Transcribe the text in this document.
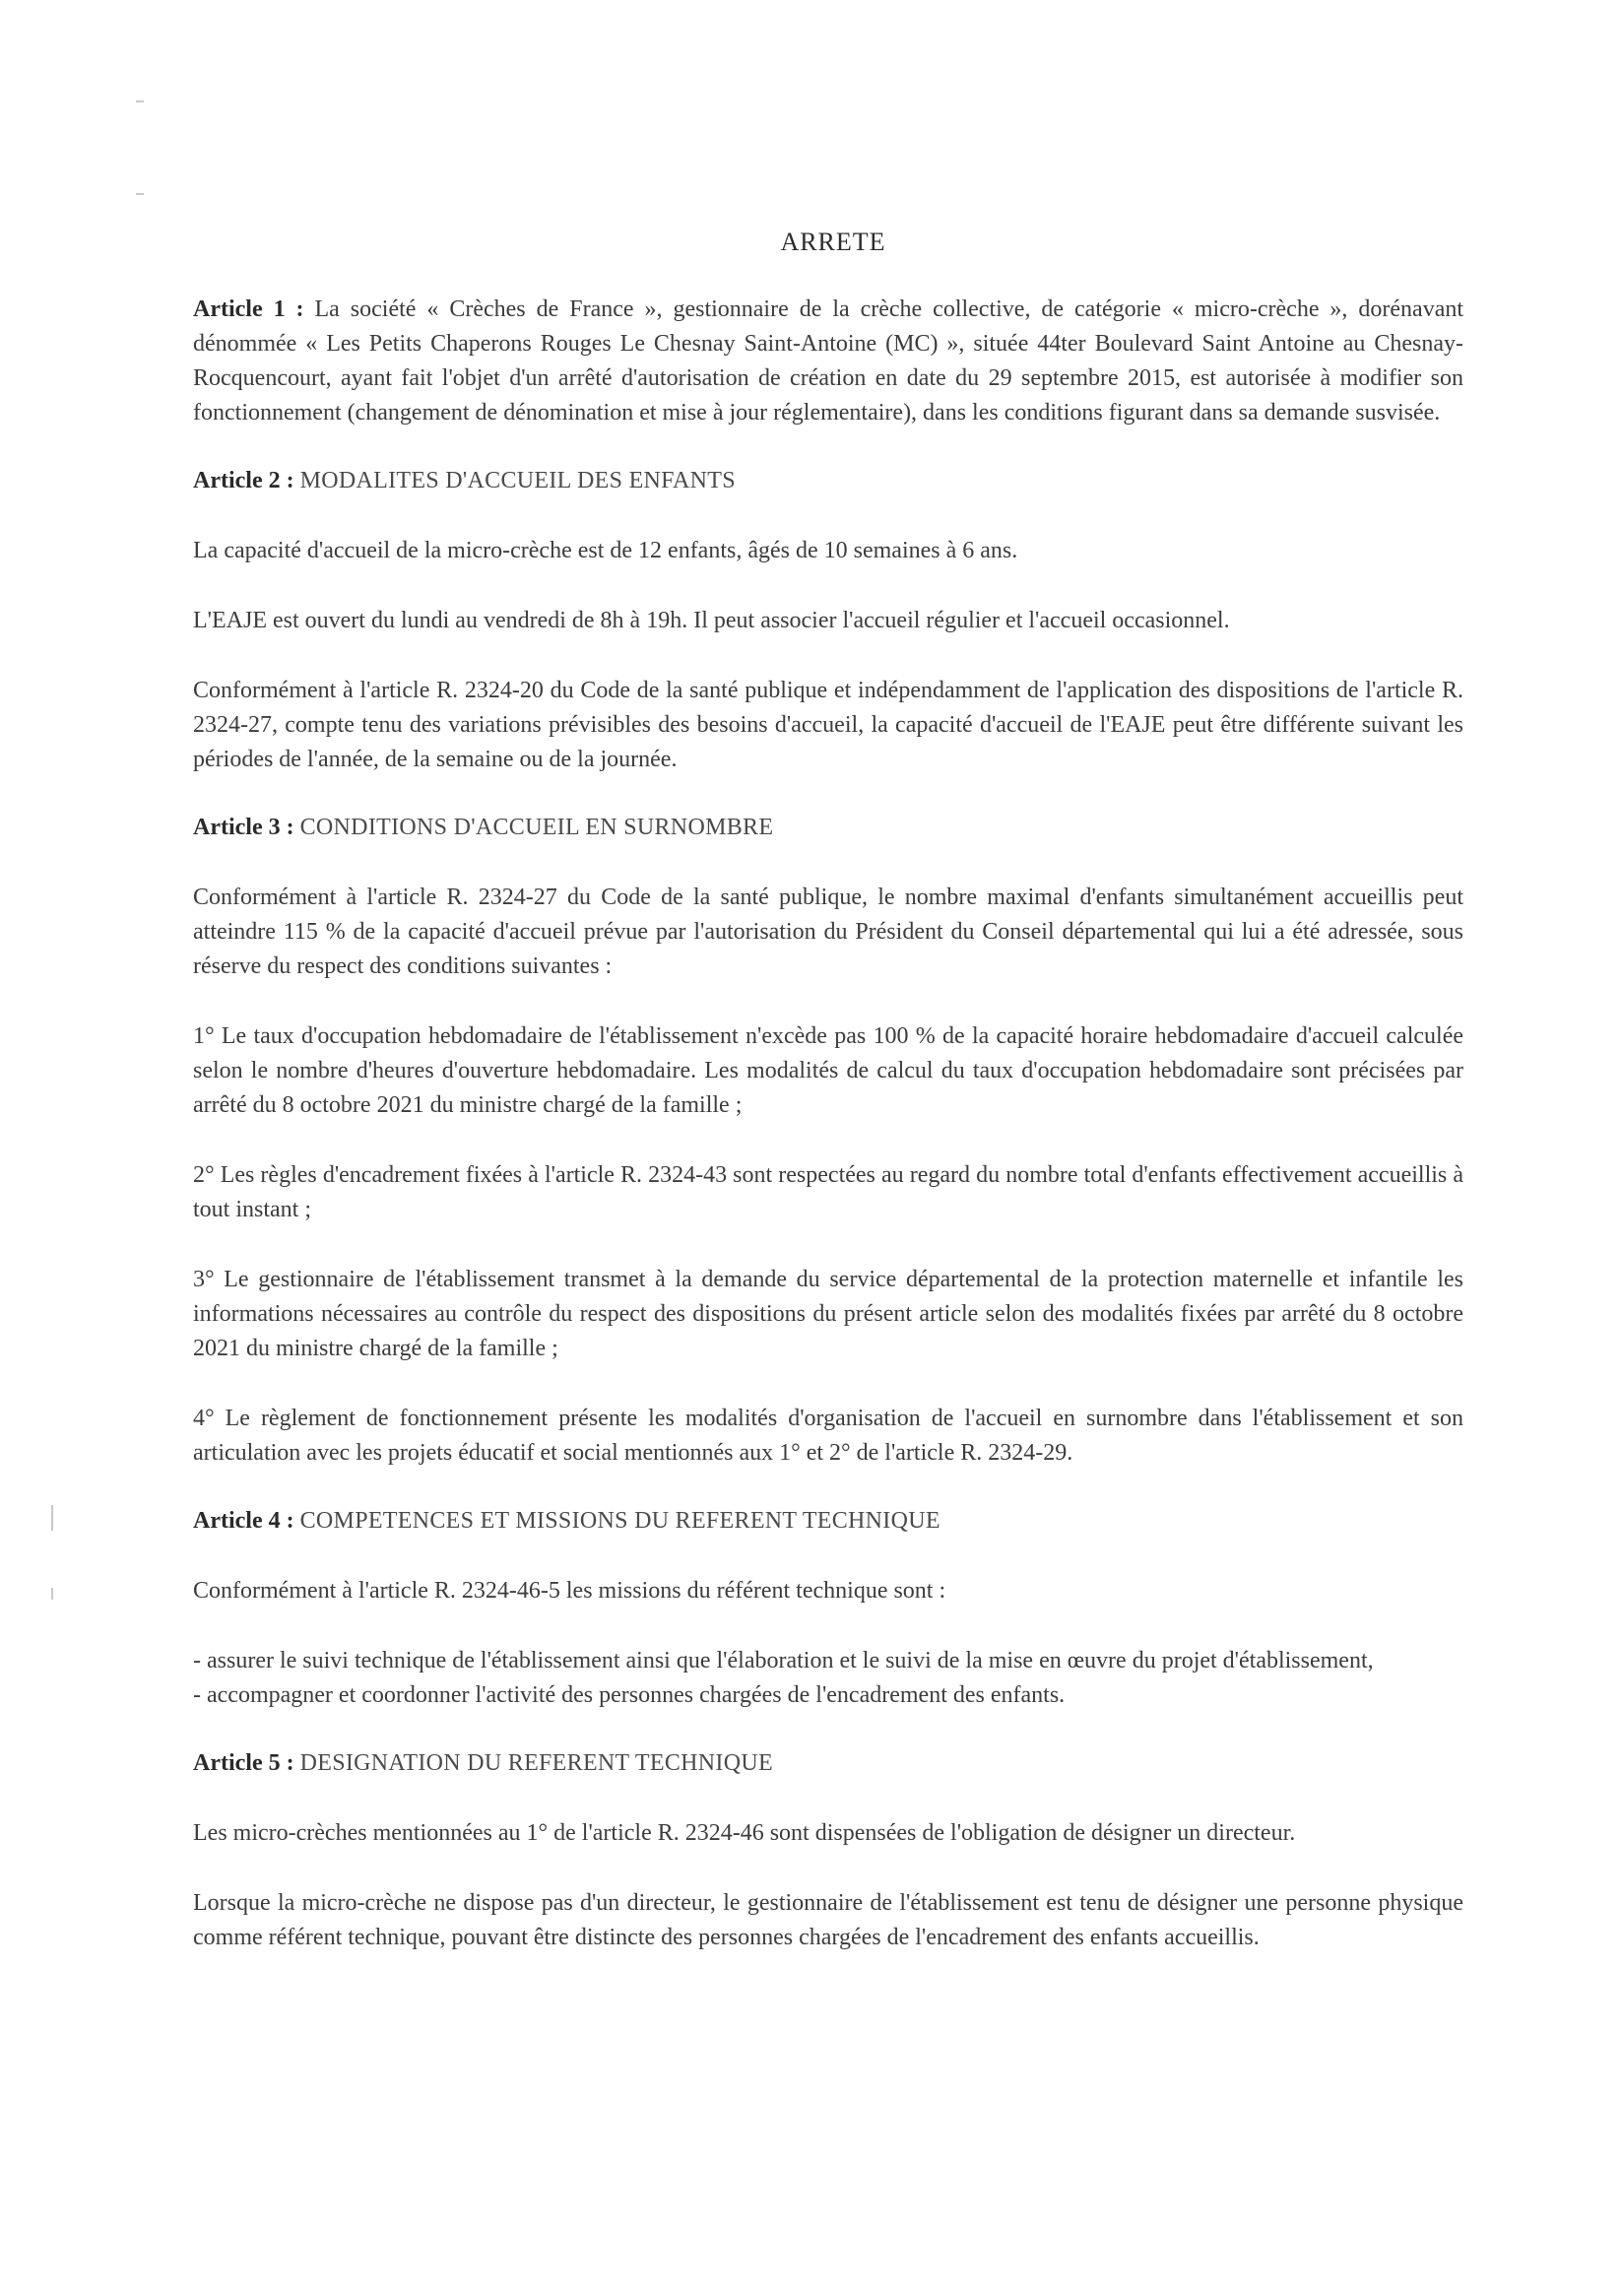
ARRETE

Article 1 : La société « Crèches de France », gestionnaire de la crèche collective, de catégorie « micro-crèche », dorénavant dénommée « Les Petits Chaperons Rouges Le Chesnay Saint-Antoine (MC) », située 44ter Boulevard Saint Antoine au Chesnay-Rocquencourt, ayant fait l'objet d'un arrêté d'autorisation de création en date du 29 septembre 2015, est autorisée à modifier son fonctionnement (changement de dénomination et mise à jour réglementaire), dans les conditions figurant dans sa demande susvisée.

Article 2 : MODALITES D'ACCUEIL DES ENFANTS

La capacité d'accueil de la micro-crèche est de 12 enfants, âgés de 10 semaines à 6 ans.

L'EAJE est ouvert du lundi au vendredi de 8h à 19h. Il peut associer l'accueil régulier et l'accueil occasionnel.

Conformément à l'article R. 2324-20 du Code de la santé publique et indépendamment de l'application des dispositions de l'article R. 2324-27, compte tenu des variations prévisibles des besoins d'accueil, la capacité d'accueil de l'EAJE peut être différente suivant les périodes de l'année, de la semaine ou de la journée.

Article 3 : CONDITIONS D'ACCUEIL EN SURNOMBRE

Conformément à l'article R. 2324-27 du Code de la santé publique, le nombre maximal d'enfants simultanément accueillis peut atteindre 115 % de la capacité d'accueil prévue par l'autorisation du Président du Conseil départemental qui lui a été adressée, sous réserve du respect des conditions suivantes :

1° Le taux d'occupation hebdomadaire de l'établissement n'excède pas 100 % de la capacité horaire hebdomadaire d'accueil calculée selon le nombre d'heures d'ouverture hebdomadaire. Les modalités de calcul du taux d'occupation hebdomadaire sont précisées par arrêté du 8 octobre 2021 du ministre chargé de la famille ;

2° Les règles d'encadrement fixées à l'article R. 2324-43 sont respectées au regard du nombre total d'enfants effectivement accueillis à tout instant ;

3° Le gestionnaire de l'établissement transmet à la demande du service départemental de la protection maternelle et infantile les informations nécessaires au contrôle du respect des dispositions du présent article selon des modalités fixées par arrêté du 8 octobre 2021 du ministre chargé de la famille ;

4° Le règlement de fonctionnement présente les modalités d'organisation de l'accueil en surnombre dans l'établissement et son articulation avec les projets éducatif et social mentionnés aux 1° et 2° de l'article R. 2324-29.

Article 4 : COMPETENCES ET MISSIONS DU REFERENT TECHNIQUE

Conformément à l'article R. 2324-46-5 les missions du référent technique sont :

- assurer le suivi technique de l'établissement ainsi que l'élaboration et le suivi de la mise en œuvre du projet d'établissement,

- accompagner et coordonner l'activité des personnes chargées de l'encadrement des enfants.

Article 5 : DESIGNATION DU REFERENT TECHNIQUE

Les micro-crèches mentionnées au 1° de l'article R. 2324-46 sont dispensées de l'obligation de désigner un directeur.

Lorsque la micro-crèche ne dispose pas d'un directeur, le gestionnaire de l'établissement est tenu de désigner une personne physique comme référent technique, pouvant être distincte des personnes chargées de l'encadrement des enfants accueillis.
